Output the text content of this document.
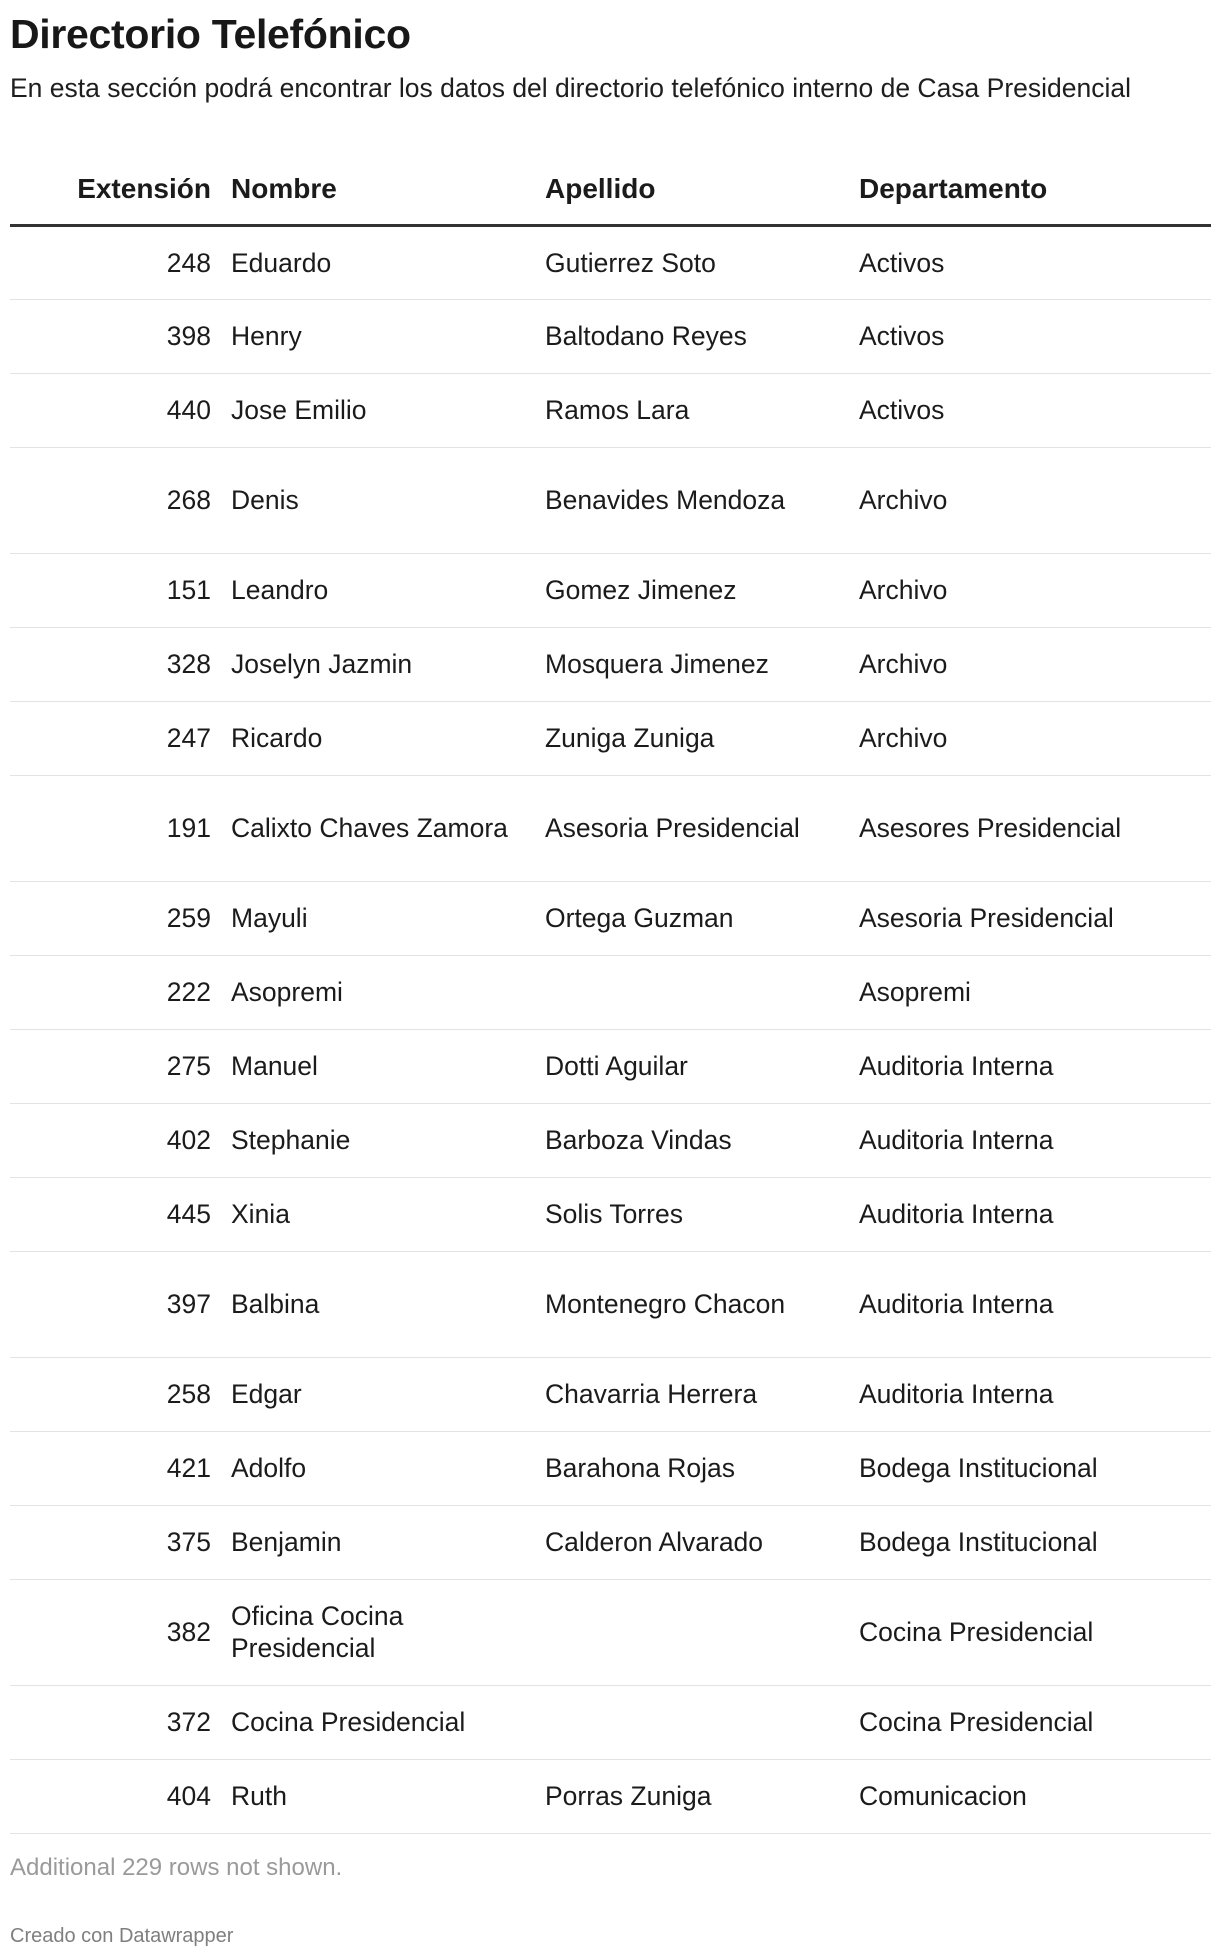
Directorio Telefónico

En esta sección podrá encontrar los datos del directorio telefónico interno de Casa Presidencial

Extensión	Nombre	Apellido	Departamento
248	Eduardo	Gutierrez Soto	Activos
398	Henry	Baltodano Reyes	Activos
440	Jose Emilio	Ramos Lara	Activos
268	Denis	Benavides Mendoza	Archivo
151	Leandro	Gomez Jimenez	Archivo
328	Joselyn Jazmin	Mosquera Jimenez	Archivo
247	Ricardo	Zuniga Zuniga	Archivo
191	Calixto Chaves Zamora	Asesoria Presidencial	Asesores Presidencial
259	Mayuli	Ortega Guzman	Asesoria Presidencial
222	Asopremi		Asopremi
275	Manuel	Dotti Aguilar	Auditoria Interna
402	Stephanie	Barboza Vindas	Auditoria Interna
445	Xinia	Solis Torres	Auditoria Interna
397	Balbina	Montenegro Chacon	Auditoria Interna
258	Edgar	Chavarria Herrera	Auditoria Interna
421	Adolfo	Barahona Rojas	Bodega Institucional
375	Benjamin	Calderon Alvarado	Bodega Institucional
382	Oficina Cocina Presidencial		Cocina Presidencial
372	Cocina Presidencial		Cocina Presidencial
404	Ruth	Porras Zuniga	Comunicacion
Additional 229 rows not shown.
Creado con Datawrapper
